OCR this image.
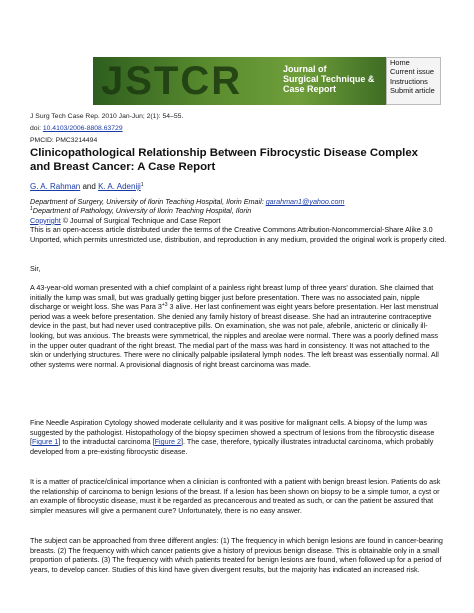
JSTCR	Journal of
Surgical Technique &
Case Report
Home
Current issue
Instructions
Submit article
J Surg Tech Case Rep. 2010 Jan-Jun; 2(1): 54–55.
doi: 10.4103/2006-8808.63729
PMCID: PMC3214494
Clinicopathological Relationship Between Fibrocystic Disease Complex and Breast Cancer: A Case Report
G. A. Rahman and K. A. Adeniji$^1$
Department of Surgery, University of Ilorin Teaching Hospital, Ilorin Email: garahman1@yahoo.com
$^1$Department of Pathology, University of Ilorin Teaching Hospital, Ilorin
Copyright © Journal of Surgical Technique and Case Report
This is an open-access article distributed under the terms of the Creative Commons Attribution-Noncommercial-Share Alike 3.0 Unported, which permits unrestricted use, distribution, and reproduction in any medium, provided the original work is properly cited.
Sir,
A 43-year-old woman presented with a chief complaint of a painless right breast lump of three years' duration. She claimed that initially the lump was small, but was gradually getting bigger just before presentation. There was no associated pain, nipple discharge or weight loss. She was Para $3^{+3}$ 3 alive. Her last confinement was eight years before presentation. Her last menstrual period was a week before presentation. She denied any family history of breast disease. She had an intrauterine contraceptive device in the past, but had never used contraceptive pills. On examination, she was not pale, afebrile, anicteric or clinically ill-looking, but was anxious. The breasts were symmetrical, the nipples and areolae were normal. There was a poorly defined mass in the upper outer quadrant of the right breast. The medial part of the mass was hard in consistency. It was not attached to the skin or underlying structures. There were no clinically palpable ipsilateral lymph nodes. The left breast was essentially normal. All other systems were normal. A provisional diagnosis of right breast carcinoma was made.
Fine Needle Aspiration Cytology showed moderate cellularity and it was positive for malignant cells. A biopsy of the lump was suggested by the pathologist. Histopathology of the biopsy specimen showed a spectrum of lesions from the fibrocystic disease [Figure 1] to the intraductal carcinoma [Figure 2]. The case, therefore, typically illustrates intraductal carcinoma, which probably developed from a pre-existing fibrocystic disease.
It is a matter of practice/clinical importance when a clinician is confronted with a patient with benign breast lesion. Patients do ask the relationship of carcinoma to benign lesions of the breast. If a lesion has been shown on biopsy to be a simple tumor, a cyst or an example of fibrocystic disease, must it be regarded as precancerous and treated as such, or can the patient be assured that simpler measures will give a permanent cure? Unfortunately, there is no easy answer.
The subject can be approached from three different angles: (1) The frequency in which benign lesions are found in cancer-bearing breasts. (2) The frequency with which cancer patients give a history of previous benign disease. This is obtainable only in a small proportion of patients. (3) The frequency with which patients treated for benign lesions are found, when followed up for a period of years, to develop cancer. Studies of this kind have given divergent results, but the majority has indicated an increased risk.
